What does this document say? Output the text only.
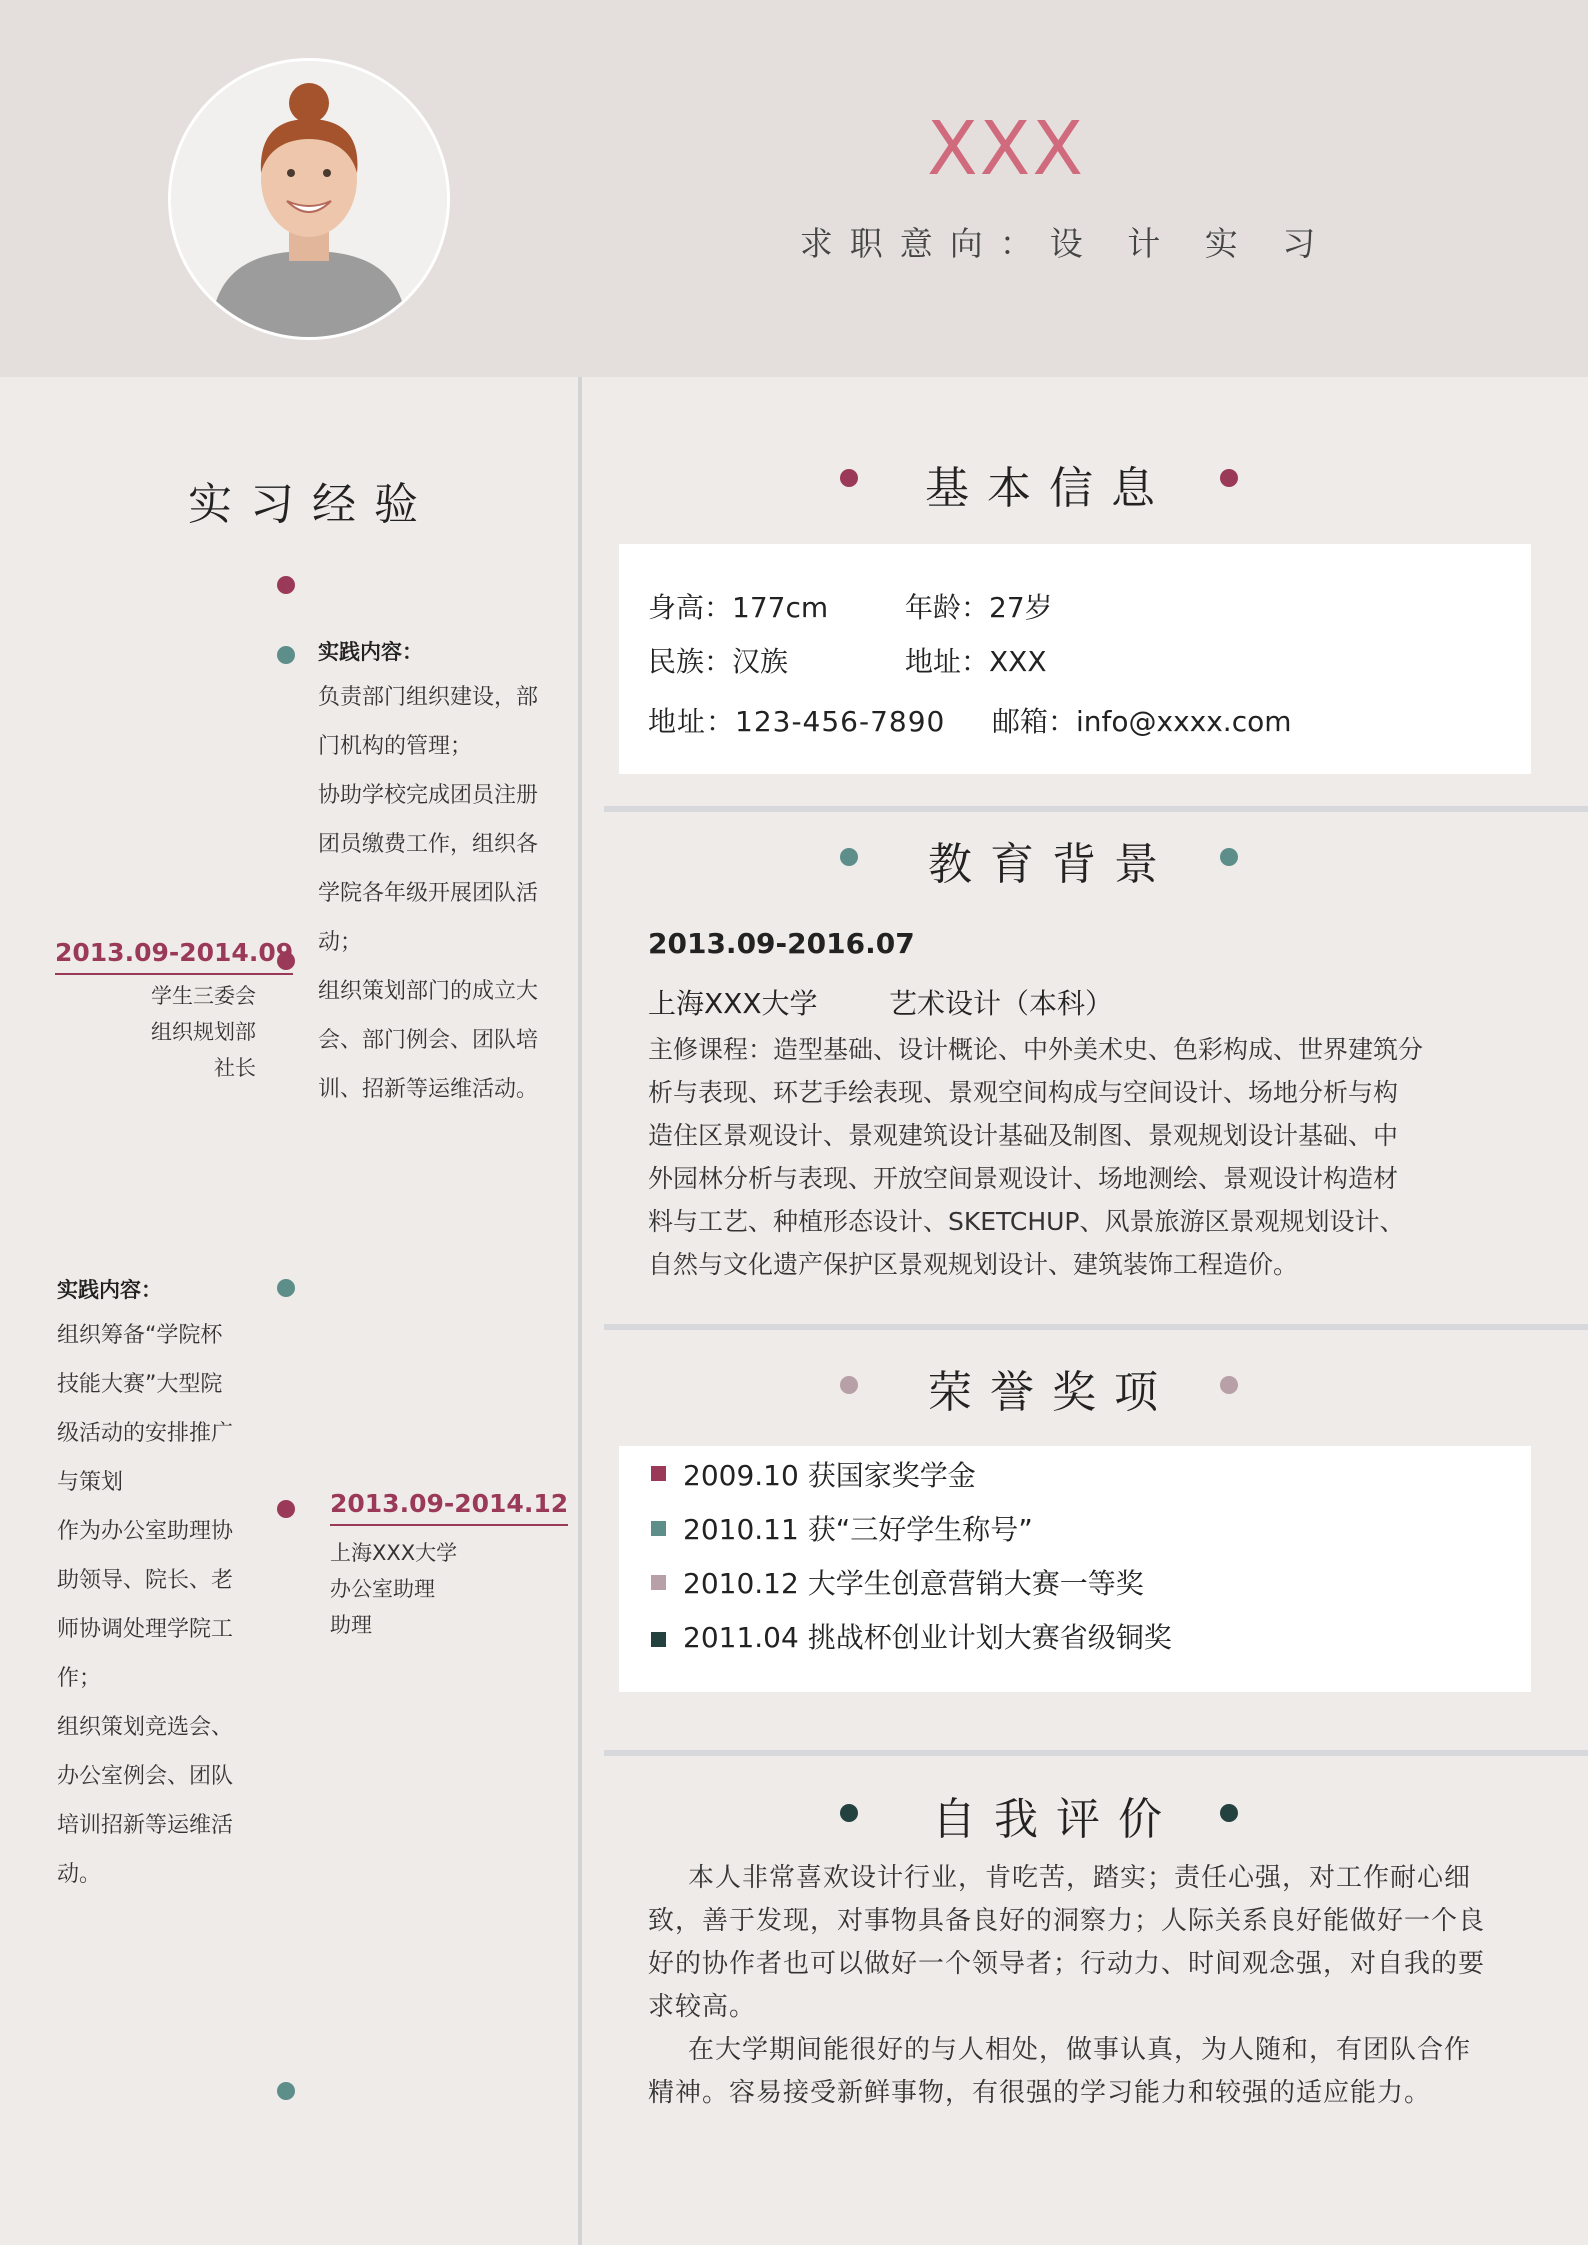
XXX
求职意向：设 计 实 习
实习经验
实践内容：
负责部门组织建设，部
门机构的管理；
协助学校完成团员注册
团员缴费工作，组织各
学院各年级开展团队活
动；
组织策划部门的成立大
会、部门例会、团队培
训、招新等运维活动。
2013.09-2014.09
学生三委会
组织规划部
社长
实践内容：
组织筹备“学院杯
技能大赛”大型院
级活动的安排推广
与策划
作为办公室助理协
助领导、院长、老
师协调处理学院工
作；
组织策划竞选会、
办公室例会、团队
培训招新等运维活
动。
2013.09-2014.12
上海XXX大学
办公室助理
助理
基本信息
身高：177cm	年龄：27岁
民族：汉族	地址：XXX
地址：123-456-7890 邮箱：info@xxxx.com
教育背景
2013.09-2016.07
上海XXX大学	艺术设计（本科）
主修课程：造型基础、设计概论、中外美术史、色彩构成、世界建筑分
析与表现、环艺手绘表现、景观空间构成与空间设计、场地分析与构
造住区景观设计、景观建筑设计基础及制图、景观规划设计基础、中
外园林分析与表现、开放空间景观设计、场地测绘、景观设计构造材
料与工艺、种植形态设计、SKETCHUP、风景旅游区景观规划设计、
自然与文化遗产保护区景观规划设计、建筑装饰工程造价。
荣誉奖项
2009.10 获国家奖学金
2010.11 获“三好学生称号”
2010.12 大学生创意营销大赛一等奖
2011.04 挑战杯创业计划大赛省级铜奖
自我评价
本人非常喜欢设计行业，肯吃苦，踏实；责任心强，对工作耐心细
致，善于发现，对事物具备良好的洞察力；人际关系良好能做好一个良
好的协作者也可以做好一个领导者；行动力、时间观念强，对自我的要
求较高。
在大学期间能很好的与人相处，做事认真，为人随和，有团队合作
精神。容易接受新鲜事物，有很强的学习能力和较强的适应能力。
